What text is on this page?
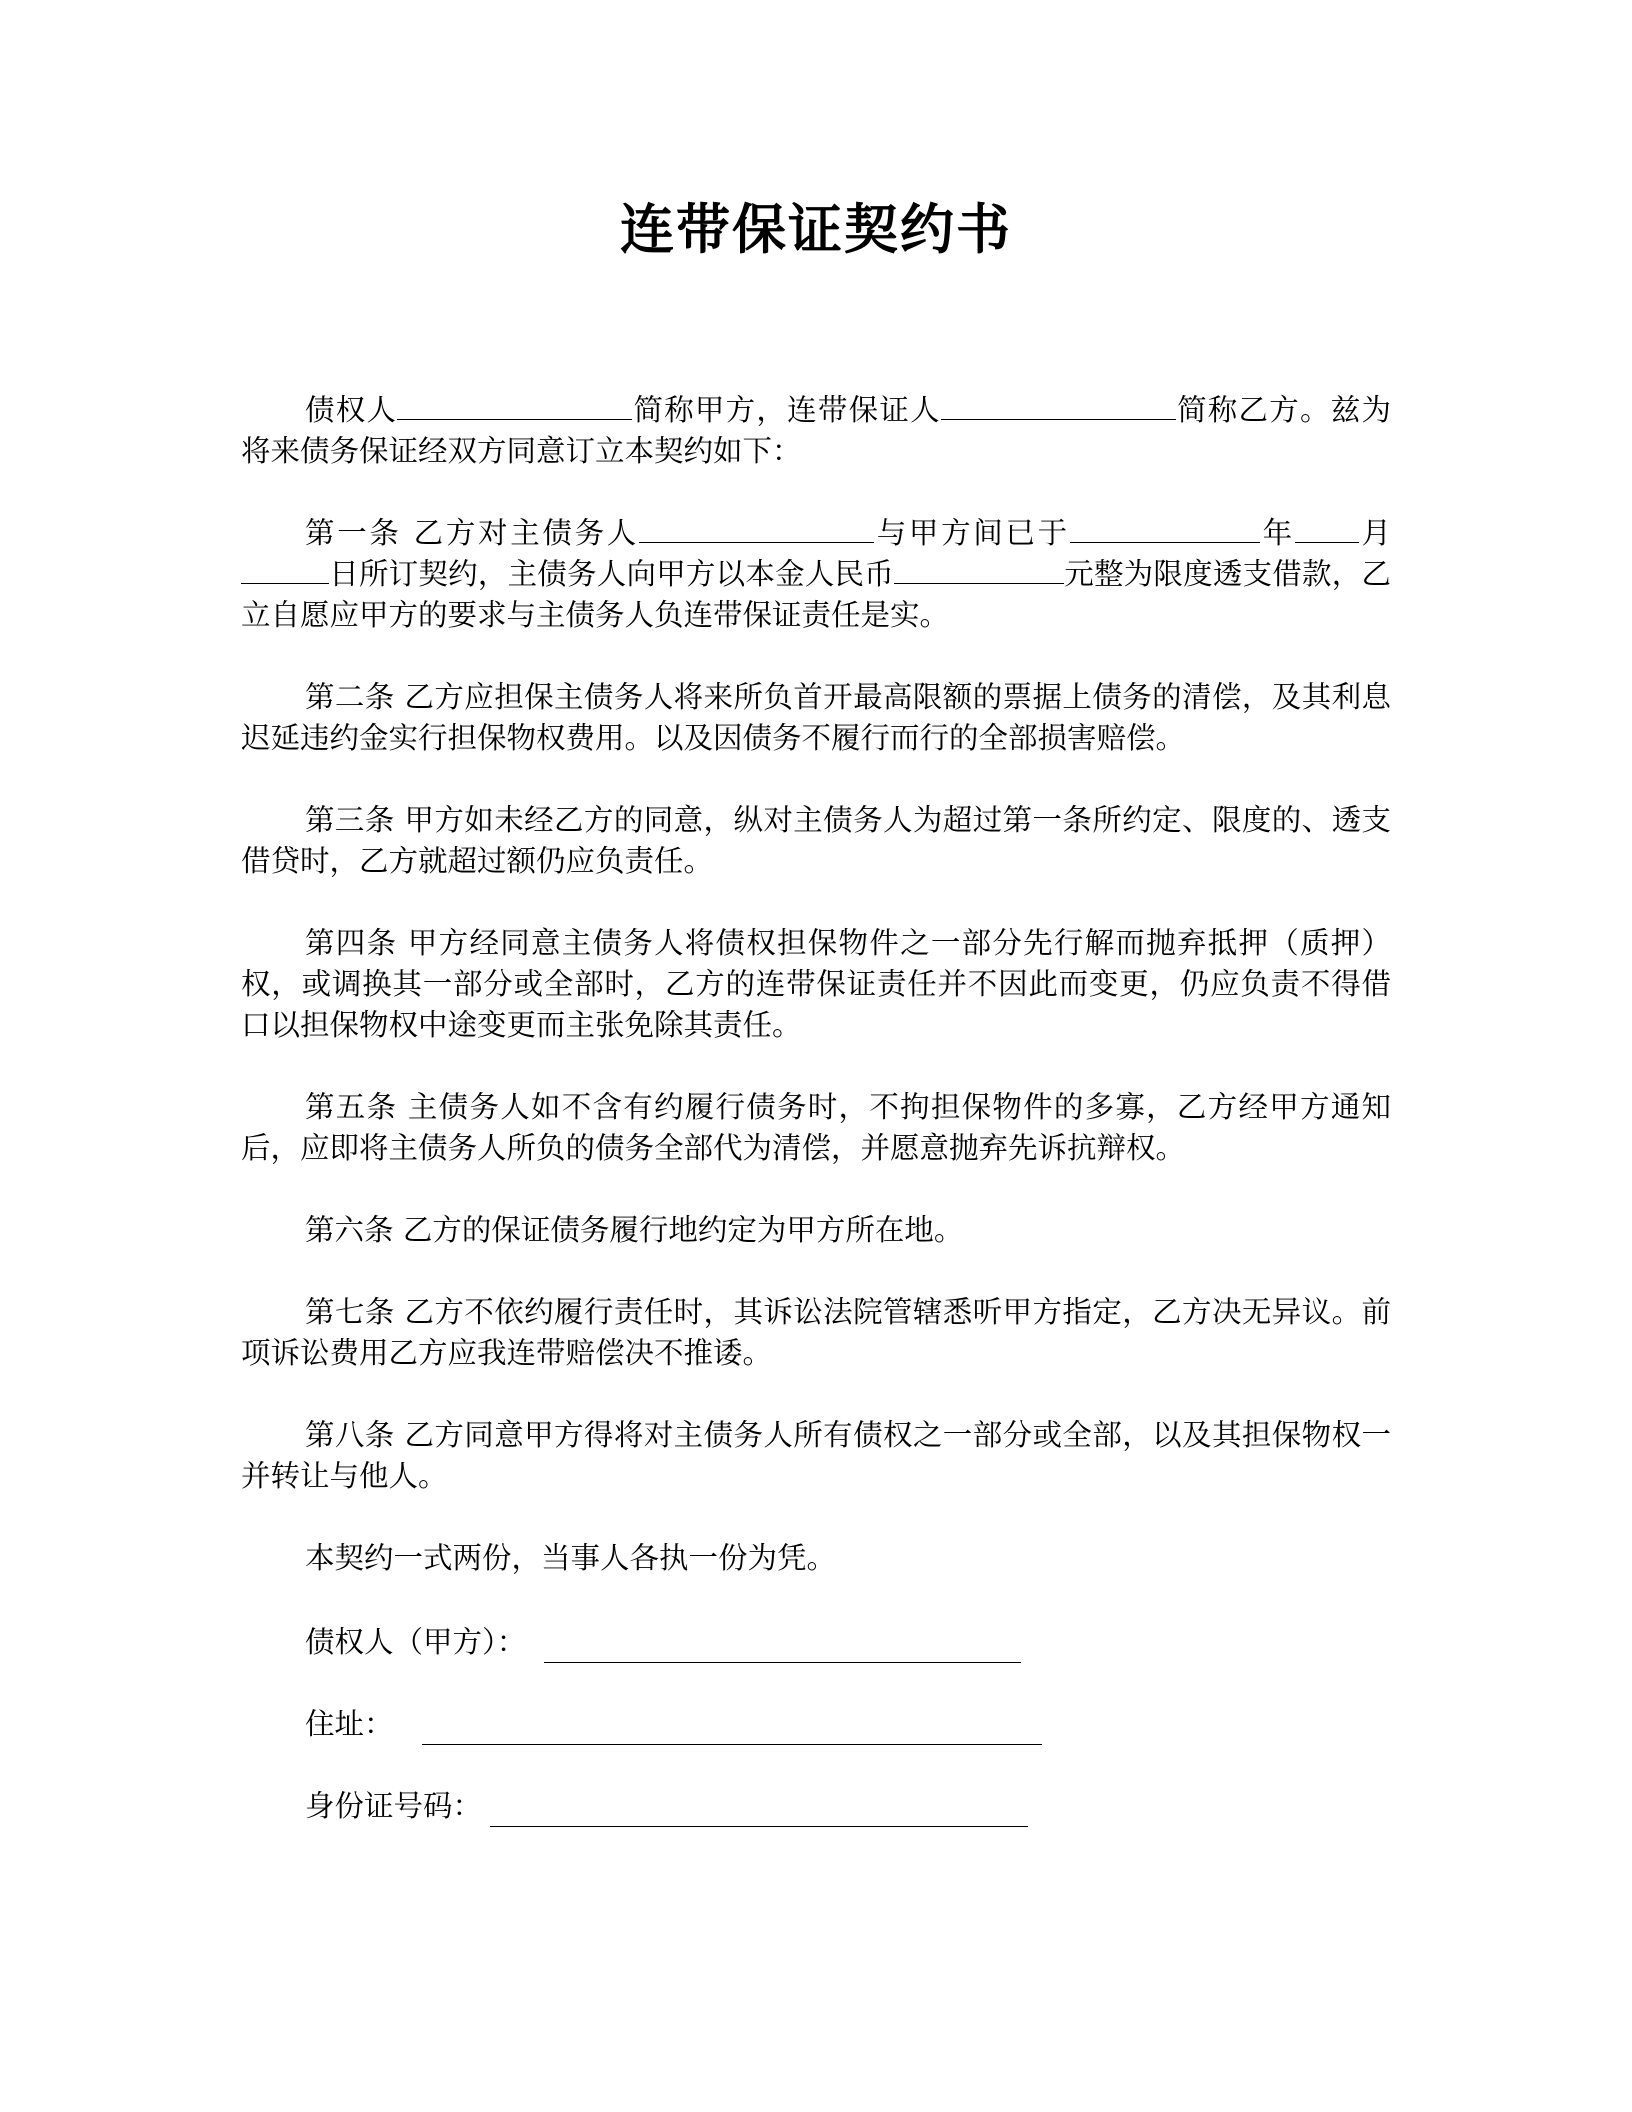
连带保证契约书

债权人	简称甲方，连带保证人	简称乙方。兹为将来债务保证经双方同意订立本契约如下：

第一条 乙方对主债务人	与甲方间已于	年 月日所订契约，主债务人向甲方以本金人民币	元整为限度透支借款，乙立自愿应甲方的要求与主债务人负连带保证责任是实。

第二条 乙方应担保主债务人将来所负首开最高限额的票据上债务的清偿，及其利息迟延违约金实行担保物权费用。以及因债务不履行而行的全部损害赔偿。

第三条 甲方如未经乙方的同意，纵对主债务人为超过第一条所约定、限度的、透支借贷时，乙方就超过额仍应负责任。

第四条 甲方经同意主债务人将债权担保物件之一部分先行解而抛弃抵押（质押）权，或调换其一部分或全部时，乙方的连带保证责任并不因此而变更，仍应负责不得借口以担保物权中途变更而主张免除其责任。

第五条 主债务人如不含有约履行债务时，不拘担保物件的多寡，乙方经甲方通知后，应即将主债务人所负的债务全部代为清偿，并愿意抛弃先诉抗辩权。

第六条 乙方的保证债务履行地约定为甲方所在地。

第七条 乙方不依约履行责任时，其诉讼法院管辖悉听甲方指定，乙方决无异议。前项诉讼费用乙方应我连带赔偿决不推诿。

第八条 乙方同意甲方得将对主债务人所有债权之一部分或全部，以及其担保物权一并转让与他人。

本契约一式两份，当事人各执一份为凭。

债权人（甲方）：
住址：
身份证号码：
